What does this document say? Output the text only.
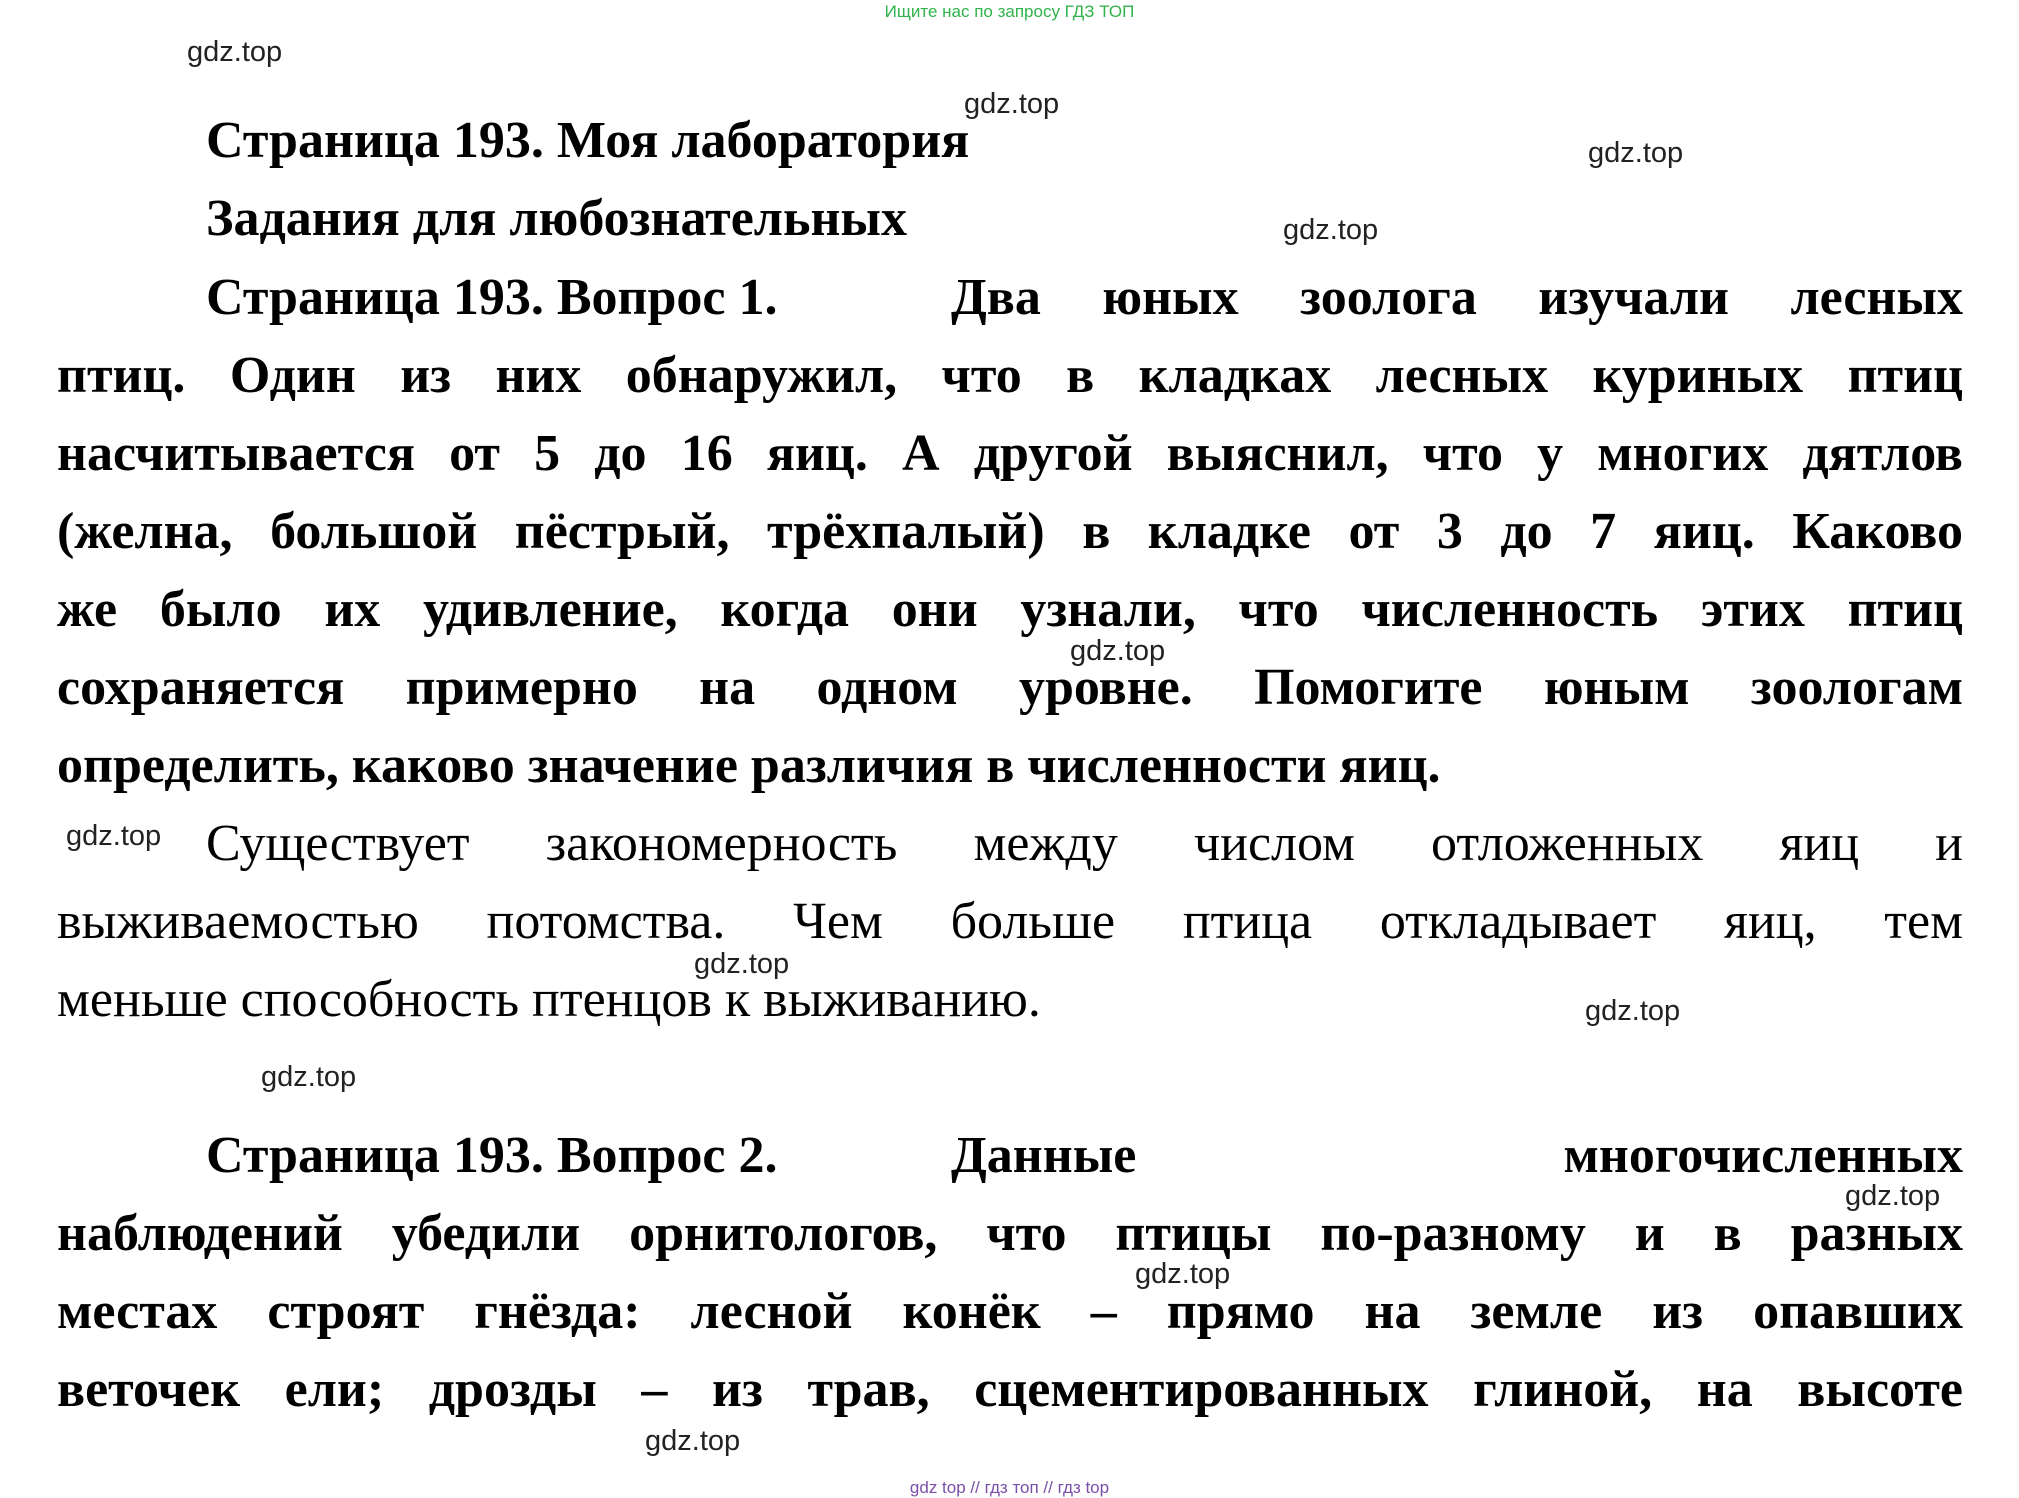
Ищите нас по запросу ГДЗ ТОП
gdz.top
gdz.top
gdz.top
gdz.top
gdz.top
gdz.top
gdz.top
gdz.top
gdz.top
gdz.top
gdz.top
gdz.top
Страница 193. Моя лаборатория
Задания для любознательных
Страница 193. Вопрос 1.	Два юных зоолога изучали лесных
птиц. Один из них обнаружил, что в кладках лесных куриных птиц
насчитывается от 5 до 16 яиц. А другой выяснил, что у многих дятлов
(желна, большой пёстрый, трёхпалый) в кладке от 3 до 7 яиц. Каково
же было их удивление, когда они узнали, что численность этих птиц
сохраняется примерно на одном уровне. Помогите юным зоологам
определить, каково значение различия в численности яиц.
Существует закономерность между числом отложенных яиц и
выживаемостью потомства. Чем больше птица откладывает яиц, тем
меньше способность птенцов к выживанию.
Страница 193. Вопрос 2.	Данные многочисленных
наблюдений убедили орнитологов, что птицы по-разному и в разных
местах строят гнёзда: лесной конёк – прямо на земле из опавших
веточек ели; дрозды – из трав, сцементированных глиной, на высоте
gdz top // гдз топ // гдз top
